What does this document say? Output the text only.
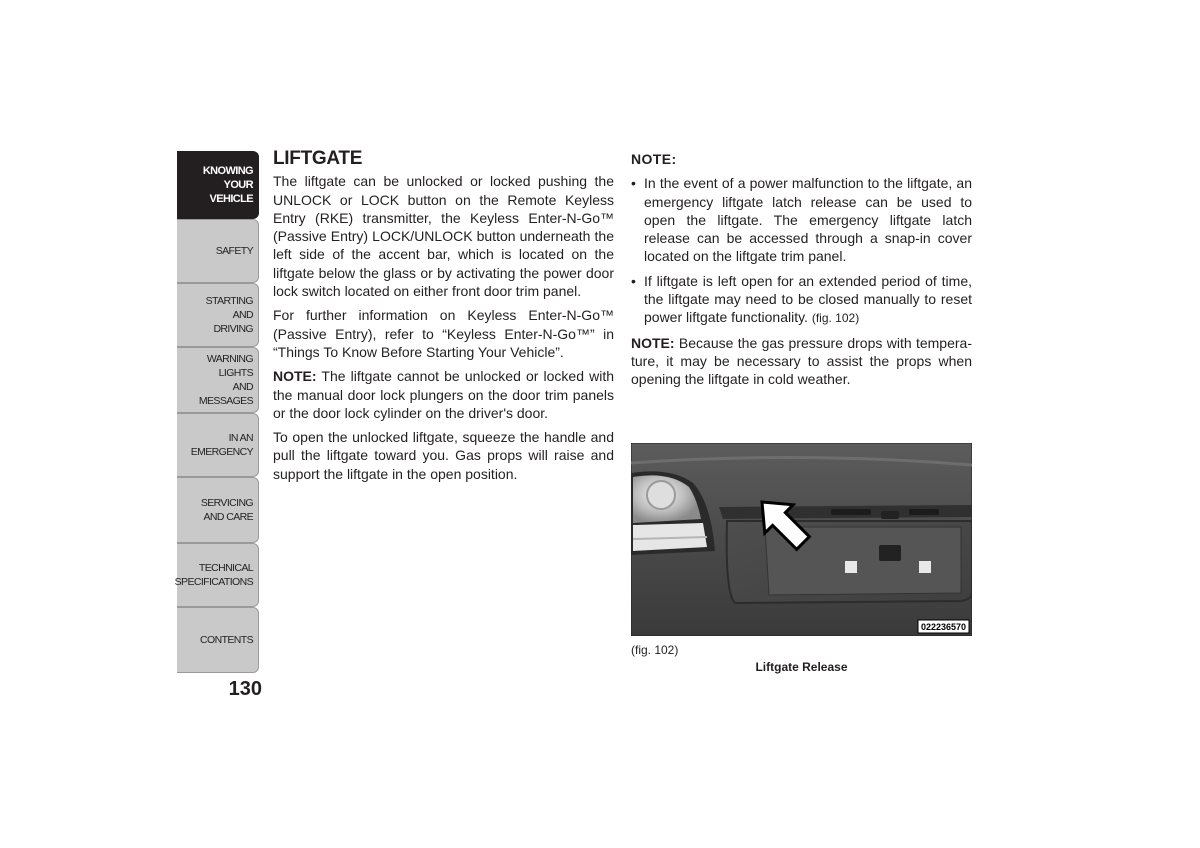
KNOWING
YOUR
VEHICLE
SAFETY
STARTING
AND
DRIVING
WARNING
LIGHTS
AND
MESSAGES
IN AN
EMERGENCY
SERVICING
AND CARE
TECHNICAL
SPECIFICATIONS
CONTENTS
130
LIFTGATE

The liftgate can be unlocked or locked pushing the UNLOCK or LOCK button on the Remote Keyless Entry (RKE) transmitter, the Keyless Enter-N-Go™ (Passive Entry) LOCK/UNLOCK button underneath the left side of the accent bar, which is located on the liftgate below the glass or by activating the power door lock switch located on either front door trim panel.

For further information on Keyless Enter-N-Go™ (Passive Entry), refer to “Keyless Enter-N-Go™” in “Things To Know Before Starting Your Vehicle”.

NOTE: The liftgate cannot be unlocked or locked with the manual door lock plungers on the door trim panels or the door lock cylinder on the driver's door.

To open the unlocked liftgate, squeeze the handle and pull the liftgate toward you. Gas props will raise and support the liftgate in the open position.

NOTE:
• In the event of a power malfunction to the liftgate, an emergency liftgate latch release can be used to open the liftgate. The emergency liftgate latch release can be accessed through a snap-in cover located on the liftgate trim panel.
• If liftgate is left open for an extended period of time, the liftgate may need to be closed manually to reset power liftgate functionality. (fig. 102)

NOTE: Because the gas pressure drops with tempera-ture, it may be necessary to assist the props when opening the liftgate in cold weather.

022236570
(fig. 102)
Liftgate Release
